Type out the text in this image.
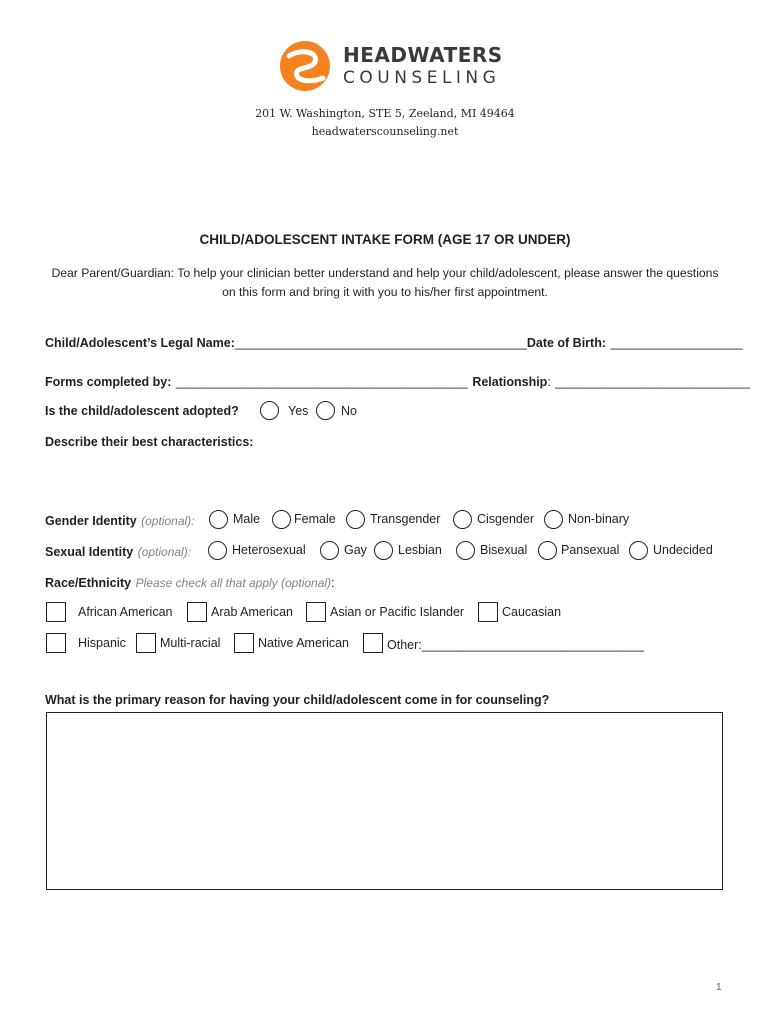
HEADWATERS
COUNSELING
201 W. Washington, STE 5, Zeeland, MI 49464
headwaterscounseling.net
CHILD/ADOLESCENT INTAKE FORM (AGE 17 OR UNDER)
Dear Parent/Guardian: To help your clinician better understand and help your child/adolescent, please answer the questions on this form and bring it with you to his/her first appointment.
Child/Adolescent’s Legal Name:__________________________________________Date of Birth: ___________________
Forms completed by: __________________________________________ Relationship: ____________________________
Is the child/adolescent adopted?	Yes	No
Describe their best characteristics:
Gender Identity (optional):	Male	Female	Transgender	Cisgender	Non-binary
Sexual Identity (optional):	Heterosexual	Gay Lesbian	Bisexual	Pansexual	Undecided
Race/Ethnicity Please check all that apply (optional):
African American	Arab American	Asian or Pacific Islander	Caucasian
Hispanic	Multi-racial	Native American	Other:________________________________
What is the primary reason for having your child/adolescent come in for counseling?
1
